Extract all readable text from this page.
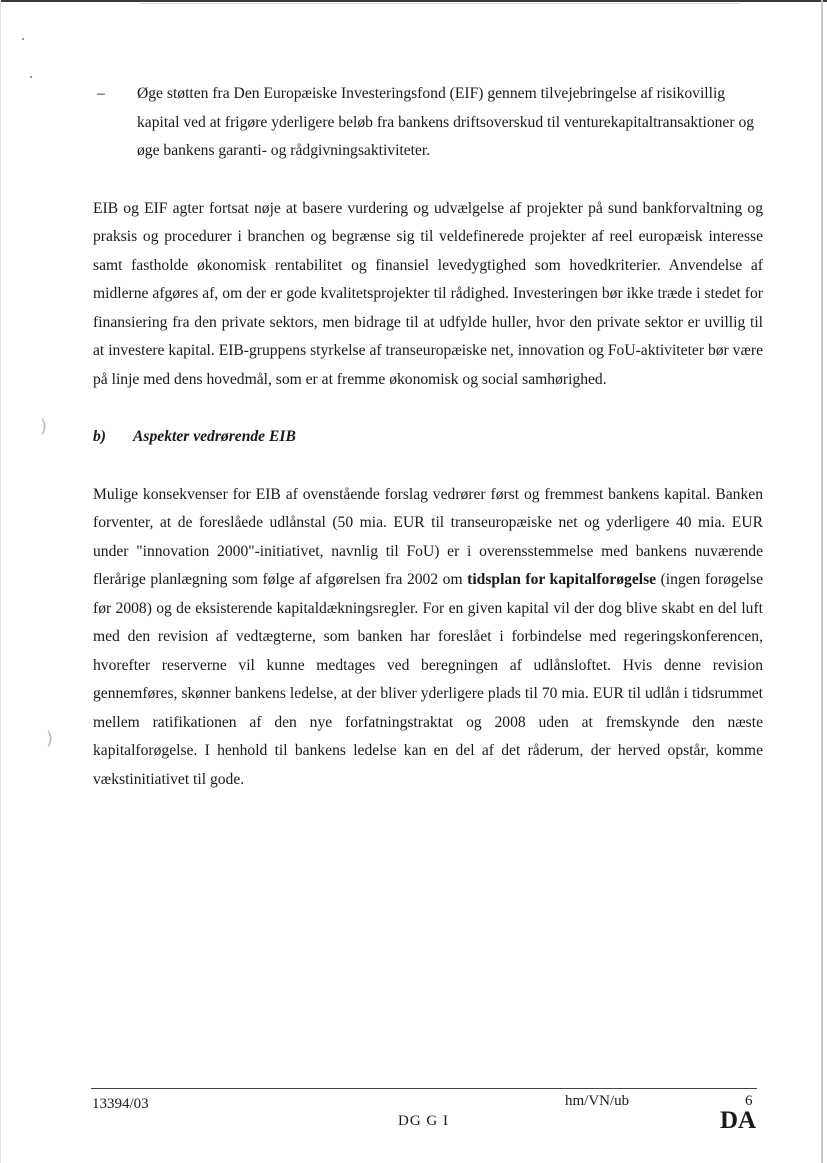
)
)

– Øge støtten fra Den Europæiske Investeringsfond (EIF) gennem tilvejebringelse af risikovillig kapital ved at frigøre yderligere beløb fra bankens driftsoverskud til venturekapitaltransaktioner og øge bankens garanti- og rådgivningsaktiviteter.

EIB og EIF agter fortsat nøje at basere vurdering og udvælgelse af projekter på sund bankforvaltning og praksis og procedurer i branchen og begrænse sig til veldefinerede projekter af reel europæisk interesse samt fastholde økonomisk rentabilitet og finansiel levedygtighed som hovedkriterier. Anvendelse af midlerne afgøres af, om der er gode kvalitetsprojekter til rådighed. Investeringen bør ikke træde i stedet for finansiering fra den private sektors, men bidrage til at udfylde huller, hvor den private sektor er uvillig til at investere kapital. EIB-gruppens styrkelse af transeuropæiske net, innovation og FoU-aktiviteter bør være på linje med dens hovedmål, som er at fremme økonomisk og social samhørighed.

b) Aspekter vedrørende EIB

Mulige konsekvenser for EIB af ovenstående forslag vedrører først og fremmest bankens kapital. Banken forventer, at de foreslåede udlånstal (50 mia. EUR til transeuropæiske net og yderligere 40 mia. EUR under "innovation 2000"-initiativet, navnlig til FoU) er i overensstemmelse med bankens nuværende flerårige planlægning som følge af afgørelsen fra 2002 om tidsplan for kapitalforøgelse (ingen forøgelse før 2008) og de eksisterende kapitaldækningsregler. For en given kapital vil der dog blive skabt en del luft med den revision af vedtægterne, som banken har foreslået i forbindelse med regeringskonferencen, hvorefter reserverne vil kunne medtages ved beregningen af udlånsloftet. Hvis denne revision gennemføres, skønner bankens ledelse, at der bliver yderligere plads til 70 mia. EUR til udlån i tidsrummet mellem ratifikationen af den nye forfatningstraktat og 2008 uden at fremskynde den næste kapitalforøgelse. I henhold til bankens ledelse kan en del af det råderum, der herved opstår, komme vækstinitiativet til gode.

13394/03	hm/VN/ub	6
DG G I	DA
